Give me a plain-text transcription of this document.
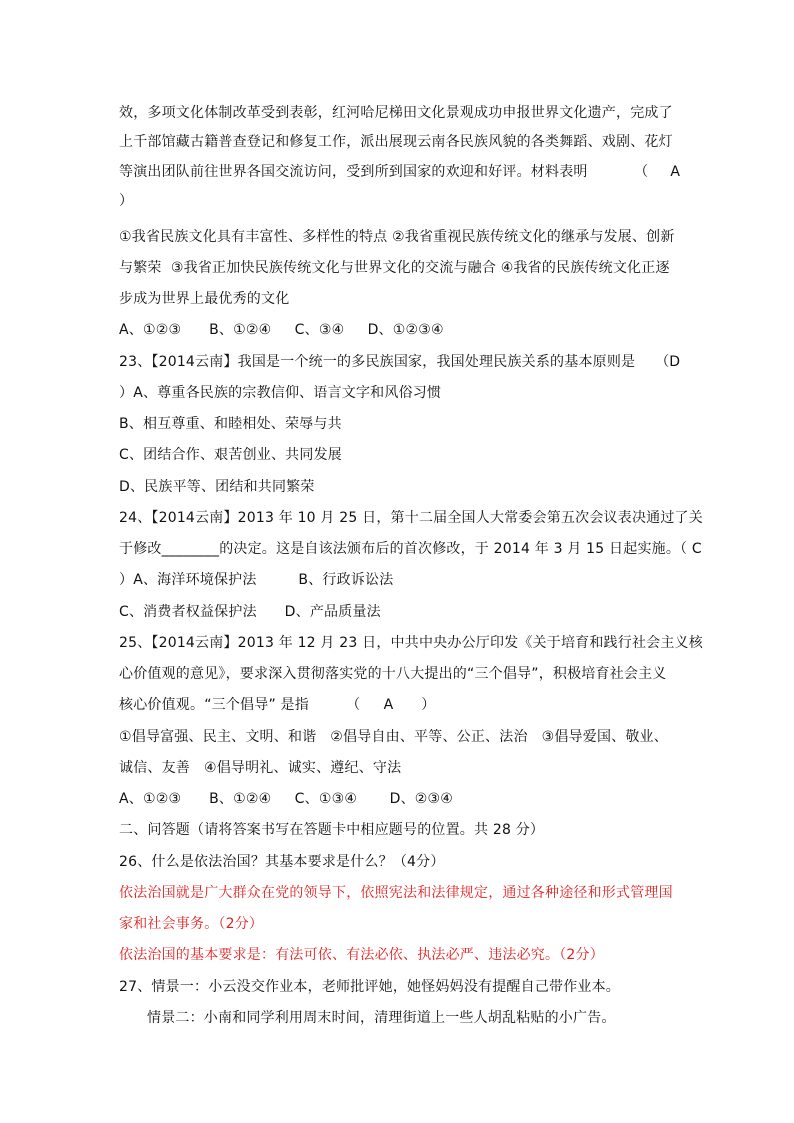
效，多项文化体制改革受到表彰，红河哈尼梯田文化景观成功申报世界文化遗产，完成了
上千部馆藏古籍普查登记和修复工作，派出展现云南各民族风貌的各类舞蹈、戏剧、花灯
等演出团队前往世界各国交流访问，受到所到国家的欢迎和好评。材料表明	（     A
）
①我省民族文化具有丰富性、多样性的特点 ②我省重视民族传统文化的继承与发展、创新
与繁荣  ③我省正加快民族传统文化与世界文化的交流与融合 ④我省的民族传统文化正逐
步成为世界上最优秀的文化
A、①②③      B、①②④     C、③④     D、①②③④
23、【2014云南】我国是一个统一的多民族国家，我国处理民族关系的基本原则是	（D
）A、尊重各民族的宗教信仰、语言文字和风俗习惯
B、相互尊重、和睦相处、荣辱与共
C、团结合作、艰苦创业、共同发展
D、民族平等、团结和共同繁荣
24、【2014云南】2013 年 10 月 25 日，第十二届全国人大常委会第五次会议表决通过了关
于修改________的决定。这是自该法颁布后的首次修改，于 2014 年 3 月 15 日起实施。（ C
）A、海洋环境保护法         B、行政诉讼法
C、消费者权益保护法      D、产品质量法
25、【2014云南】2013 年 12 月 23 日，中共中央办公厅印发《关于培育和践行社会主义核
心价值观的意见》，要求深入贯彻落实党的十八大提出的“三个倡导”，积极培育社会主义
核心价值观。“三个倡导” 是指        （     A      ）
①倡导富强、民主、文明、和谐   ②倡导自由、平等、公正、法治   ③倡导爱国、敬业、
诚信、友善   ④倡导明礼、诚实、遵纪、守法
A、①②③      B、①②④     C、①③④       D、②③④
二、问答题（请将答案书写在答题卡中相应题号的位置。共 28 分）
26、什么是依法治国？其基本要求是什么？（4分）
依法治国就是广大群众在党的领导下，依照宪法和法律规定，通过各种途径和形式管理国
家和社会事务。（2分）
依法治国的基本要求是：有法可依、有法必依、执法必严、违法必究。（2分）
27、情景一：小云没交作业本，老师批评她，她怪妈妈没有提醒自己带作业本。
情景二：小南和同学利用周末时间，清理街道上一些人胡乱粘贴的小广告。
